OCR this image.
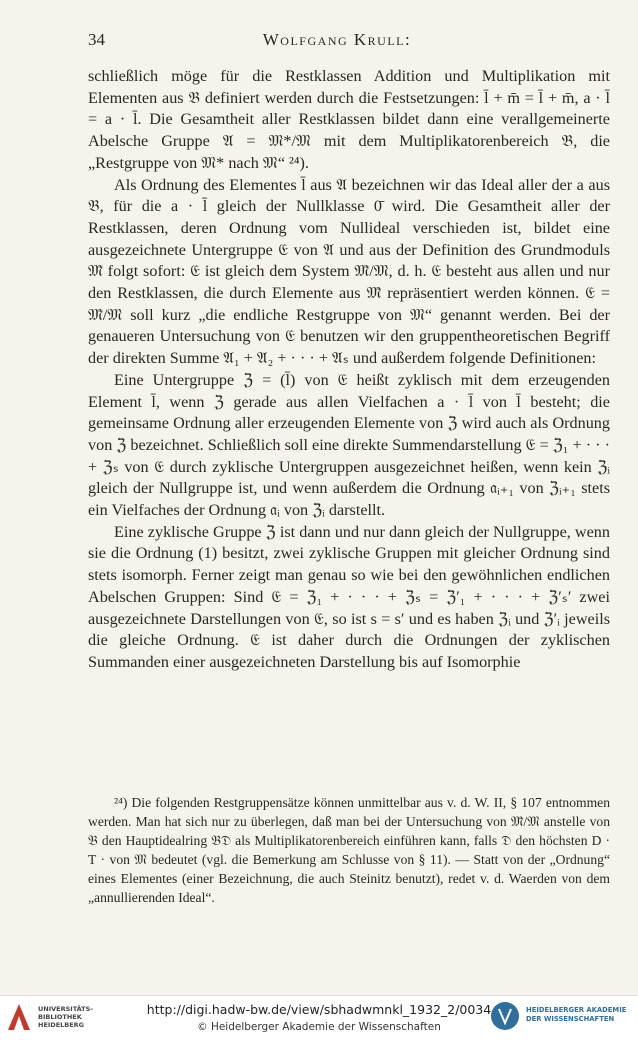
34	Wolfgang Krull:

schließlich möge für die Restklassen Addition und Multiplikation mit Elementen aus 𝔅 definiert werden durch die Festsetzungen: l̄ + m̄ = l̄ + m̄, a · l̄ = a · l̄. Die Gesamtheit aller Restklassen bildet dann eine verallgemeinerte Abelsche Gruppe 𝔄 = 𝔐*/𝔐 mit dem Multiplikatorenbereich 𝔅, die „Restgruppe von 𝔐* nach 𝔐“ ²⁴).

Als Ordnung des Elementes l̄ aus 𝔄 bezeichnen wir das Ideal aller der a aus 𝔅, für die a · l̄ gleich der Nullklasse 0̄ wird. Die Gesamtheit aller der Restklassen, deren Ordnung vom Nullideal verschieden ist, bildet eine ausgezeichnete Untergruppe 𝔈 von 𝔄 und aus der Definition des Grundmoduls 𝔐̃ folgt sofort: 𝔈 ist gleich dem System 𝔐̃/𝔐, d. h. 𝔈 besteht aus allen und nur den Restklassen, die durch Elemente aus 𝔐̃ repräsentiert werden können. 𝔈 = 𝔐̃/𝔐 soll kurz „die endliche Restgruppe von 𝔐“ genannt werden. Bei der genaueren Untersuchung von 𝔈 benutzen wir den gruppentheoretischen Begriff der direkten Summe 𝔄₁ + 𝔄₂ + · · · + 𝔄ₛ und außerdem folgende Definitionen:

Eine Untergruppe ℨ = (l̄) von 𝔈 heißt zyklisch mit dem erzeugenden Element l̄, wenn ℨ gerade aus allen Vielfachen a · l̄ von l̄ besteht; die gemeinsame Ordnung aller erzeugenden Elemente von ℨ wird auch als Ordnung von ℨ bezeichnet. Schließlich soll eine direkte Summendarstellung 𝔈 = ℨ₁ + · · · + ℨₛ von 𝔈 durch zyklische Untergruppen ausgezeichnet heißen, wenn kein ℨᵢ gleich der Nullgruppe ist, und wenn außerdem die Ordnung 𝔞ᵢ₊₁ von ℨᵢ₊₁ stets ein Vielfaches der Ordnung 𝔞ᵢ von ℨᵢ darstellt.

Eine zyklische Gruppe ℨ ist dann und nur dann gleich der Nullgruppe, wenn sie die Ordnung (1) besitzt, zwei zyklische Gruppen mit gleicher Ordnung sind stets isomorph. Ferner zeigt man genau so wie bei den gewöhnlichen endlichen Abelschen Gruppen: Sind 𝔈 = ℨ₁ + · · · + ℨₛ = ℨ′₁ + · · · + ℨ′ₛ′ zwei ausgezeichnete Darstellungen von 𝔈, so ist s = s′ und es haben ℨᵢ und ℨ′ᵢ jeweils die gleiche Ordnung. 𝔈 ist daher durch die Ordnungen der zyklischen Summanden einer ausgezeichneten Darstellung bis auf Isomorphie

²⁴) Die folgenden Restgruppensätze können unmittelbar aus v. d. W. II, § 107 entnommen werden. Man hat sich nur zu überlegen, daß man bei der Untersuchung von 𝔐̃/𝔐 anstelle von 𝔅 den Hauptidealring 𝔅𝔇 als Multiplikatorenbereich einführen kann, falls 𝔇 den höchsten D · T · von 𝔐 bedeutet (vgl. die Bemerkung am Schlusse von § 11). — Statt von der „Ordnung“ eines Elementes (einer Bezeichnung, die auch Steinitz benutzt), redet v. d. Waerden von dem „annullierenden Ideal“.

UNIVERSITÄTS-
BIBLIOTHEK
HEIDELBERG
http://digi.hadw-bw.de/view/sbhadwmnkl_1932_2/0034
© Heidelberger Akademie der Wissenschaften
HEIDELBERGER AKADEMIE
DER WISSENSCHAFTEN
